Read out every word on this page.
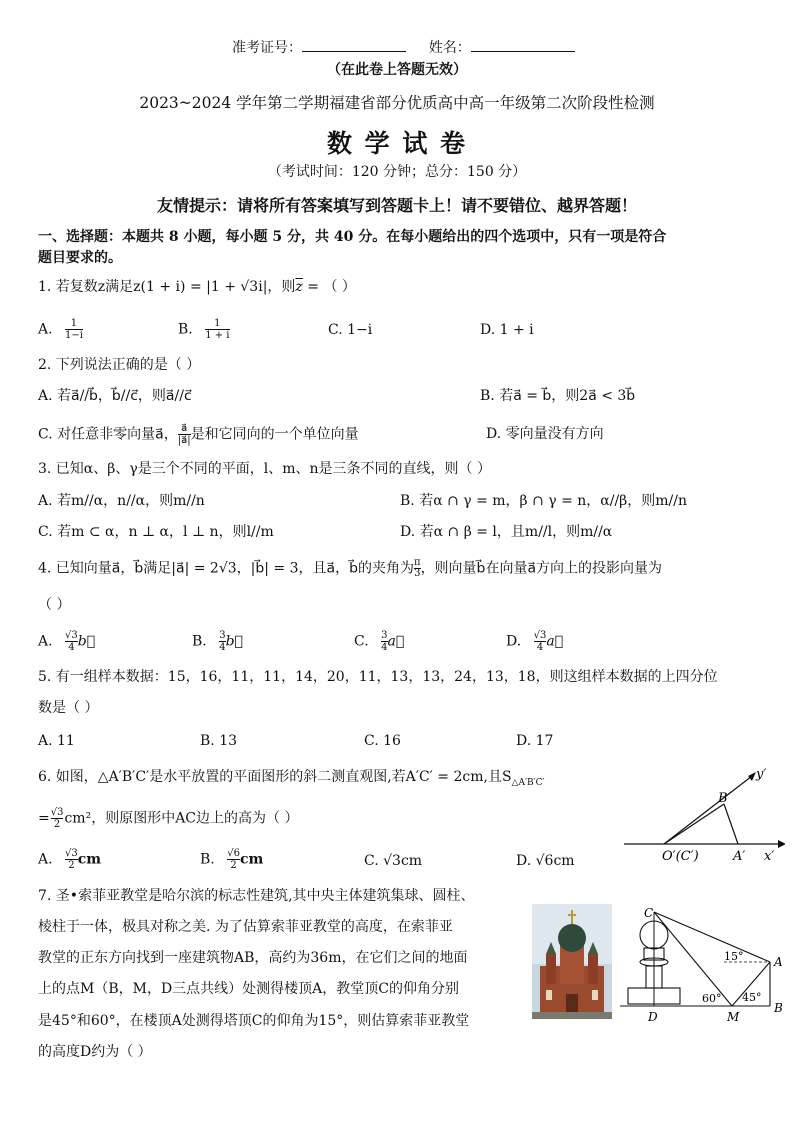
准考证号：	姓名：
（在此卷上答题无效）
2023~2024 学年第二学期福建省部分优质高中高一年级第二次阶段性检测
数 学 试 卷
（考试时间：120 分钟；总分：150 分）
友情提示：请将所有答案填写到答题卡上！请不要错位、越界答题！
一、选择题：本题共 8 小题，每小题 5 分，共 40 分。在每小题给出的四个选项中，只有一项是符合
题目要求的。
1. 若复数z满足z(1 + i) = |1 + √3i|，则$\overline{z}$ = （ ）
A. $\frac{1}{1-i}$	B. $\frac{1}{1 + i}$	C. 1−i	D. 1 + i
2. 下列说法正确的是（ ）
A. 若a⃗//b⃗，b⃗//c⃗，则a⃗//c⃗	B. 若a⃗ = b⃗，则2a⃗ < 3b⃗
C. 对任意非零向量a⃗， $\frac{a⃗}{|a⃗|}$ 是和它同向的一个单位向量	D. 零向量没有方向
3. 已知α、β、γ是三个不同的平面，l、m、n是三条不同的直线，则（ ）
A. 若m//α，n//α，则m//n	B. 若α ∩ γ = m，β ∩ γ = n，α//β，则m//n
C. 若m ⊂ α，n ⊥ α，l ⊥ n，则l//m	D. 若α ∩ β = l，且m//l，则m//α
4. 已知向量a⃗，b⃗满足|a⃗| = 2√3，|b⃗| = 3，且a⃗，b⃗的夹角为 $\frac{\pi}{3}$ ，则向量b⃗在向量a⃗方向上的投影向量为
（ ）
A. $\frac{√3}{4}$ b⃗	B. $\frac{3}{4}$ b⃗	C. $\frac{3}{4}$ a⃗	D. $\frac{√3}{4}$ a⃗
5. 有一组样本数据：15，16，11，11，14，20，11，13，13，24，13，18，则这组样本数据的上四分位
数是（ ）
A. 11	B. 13	C. 16	D. 17
6. 如图，△A′B′C′是水平放置的平面图形的斜二测直观图,若A′C′ = 2cm,且$S_{\triangle A'B'C'}$
= $\frac{√3}{2} cm^2$，则原图形中AC边上的高为（ ）
A. $\frac{√3}{2}$ cm	B. $\frac{√6}{2}$ cm	C. √3cm	D. √6cm
y′
B′
O′(C′)	A′ x′
7. 圣•索菲亚教堂是哈尔滨的标志性建筑,其中央主体建筑集球、圆柱、
棱柱于一体，极具对称之美. 为了估算索菲亚教堂的高度，在索菲亚
教堂的正东方向找到一座建筑物AB，高约为36m，在它们之间的地面
上的点M（B，M，D三点共线）处测得楼顶A，教堂顶C的仰角分别
是45°和60°，在楼顶A处测得塔顶C的仰角为15°，则估算索菲亚教堂
的高度D约为（ ）
C
A
B
D	M
15°
60° 45°
